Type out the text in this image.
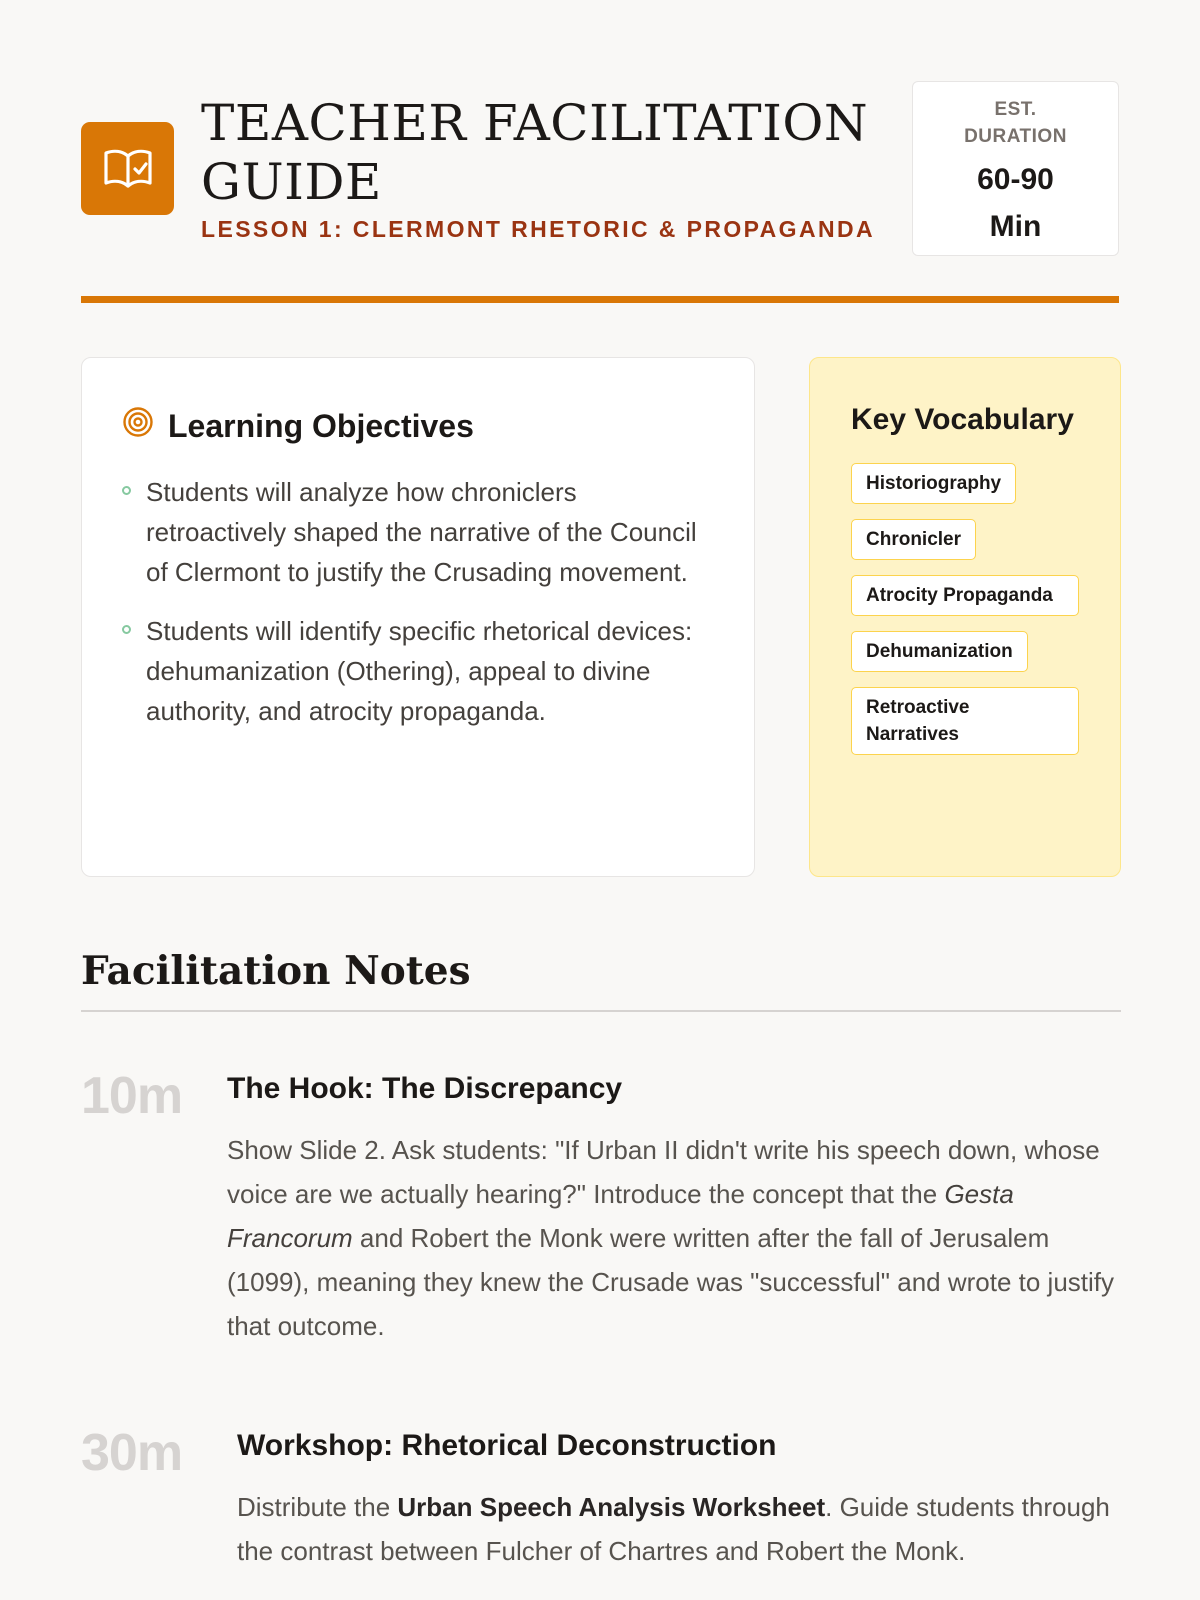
TEACHER FACILITATION GUIDE
LESSON 1: CLERMONT RHETORIC & PROPAGANDA
EST. DURATION
60-90 Min
Learning Objectives
Students will analyze how chroniclers retroactively shaped the narrative of the Council of Clermont to justify the Crusading movement.
Students will identify specific rhetorical devices: dehumanization (Othering), appeal to divine authority, and atrocity propaganda.
Key Vocabulary
Historiography
Chronicler
Atrocity Propaganda
Dehumanization
Retroactive Narratives
Facilitation Notes
10m The Hook: The Discrepancy

Show Slide 2. Ask students: "If Urban II didn't write his speech down, whose voice are we actually hearing?" Introduce the concept that the Gesta Francorum and Robert the Monk were written after the fall of Jerusalem (1099), meaning they knew the Crusade was "successful" and wrote to justify that outcome.

30m Workshop: Rhetorical Deconstruction

Distribute the Urban Speech Analysis Worksheet. Guide students through the contrast between Fulcher of Chartres and Robert the Monk.
